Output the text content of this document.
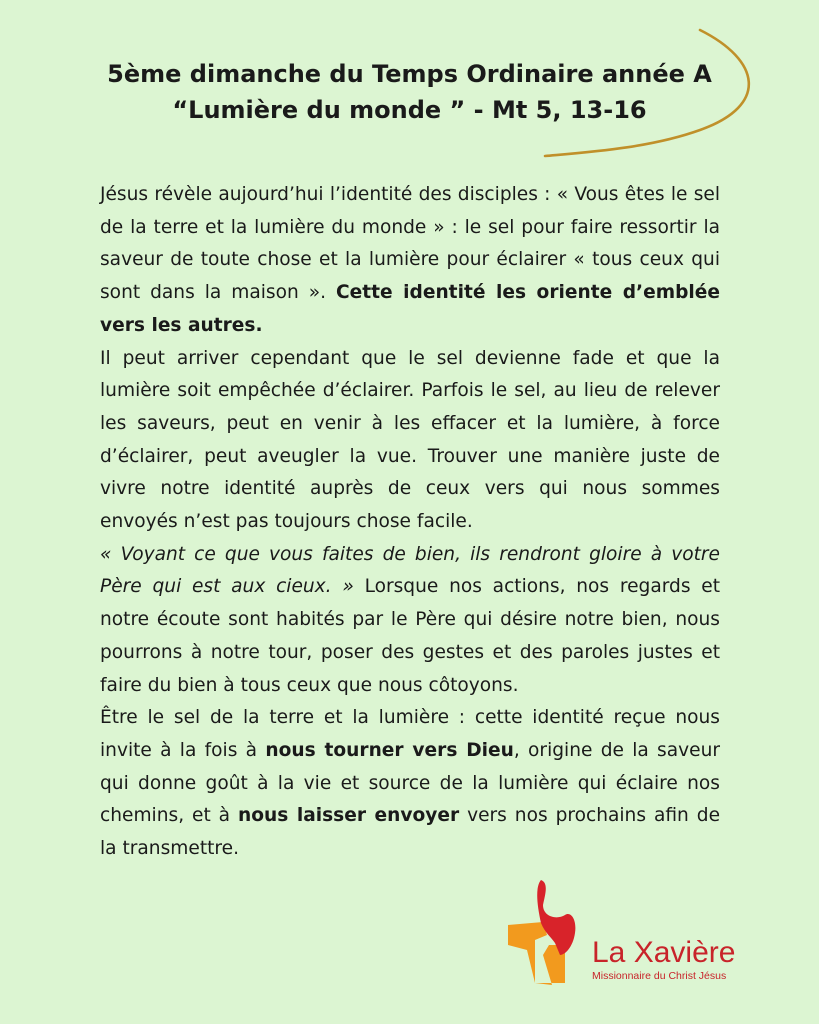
5ème dimanche du Temps Ordinaire année A
“Lumière du monde ” - Mt 5, 13-16

Jésus révèle aujourd’hui l’identité des disciples : « Vous êtes le sel de la terre et la lumière du monde » : le sel pour faire ressortir la saveur de toute chose et la lumière pour éclairer « tous ceux qui sont dans la maison ». Cette identité les oriente d’emblée vers les autres.

Il peut arriver cependant que le sel devienne fade et que la lumière soit empêchée d’éclairer. Parfois le sel, au lieu de relever les saveurs, peut en venir à les effacer et la lumière, à force d’éclairer, peut aveugler la vue. Trouver une manière juste de vivre notre identité auprès de ceux vers qui nous sommes envoyés n’est pas toujours chose facile.

« Voyant ce que vous faites de bien, ils rendront gloire à votre Père qui est aux cieux. » Lorsque nos actions, nos regards et notre écoute sont habités par le Père qui désire notre bien, nous pourrons à notre tour, poser des gestes et des paroles justes et faire du bien à tous ceux que nous côtoyons.

Être le sel de la terre et la lumière : cette identité reçue nous invite à la fois à nous tourner vers Dieu, origine de la saveur qui donne goût à la vie et source de la lumière qui éclaire nos chemins, et à nous laisser envoyer vers nos prochains afin de la transmettre.

La Xavière
Missionnaire du Christ Jésus
